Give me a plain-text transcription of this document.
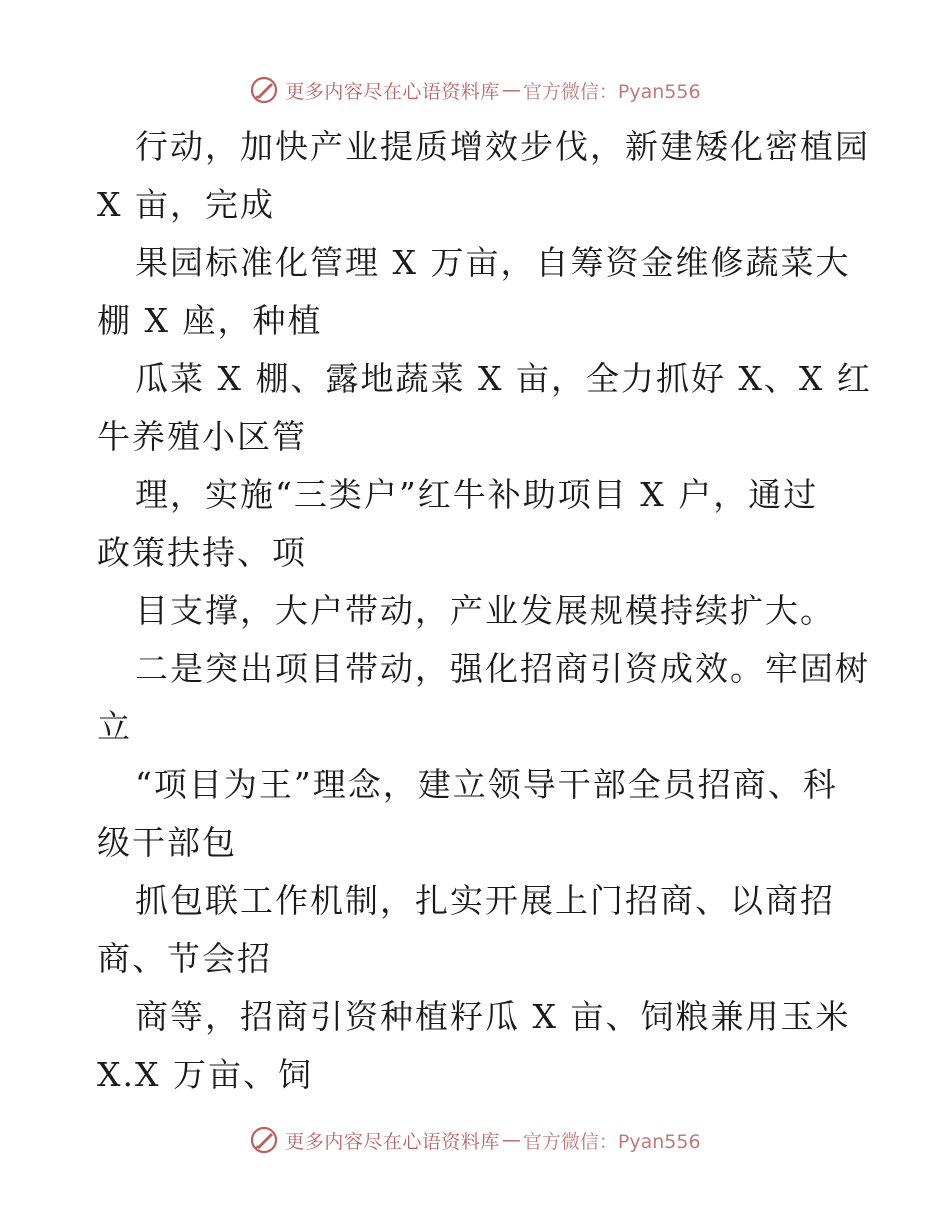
更多内容尽在心语资料库 — 官方微信：Pyan556
行动，加快产业提质增效步伐，新建矮化密植园
X 亩，完成
果园标准化管理 X 万亩，自筹资金维修蔬菜大
棚 X 座，种植
瓜菜 X 棚、露地蔬菜 X 亩，全力抓好 X、X 红
牛养殖小区管
理，实施“三类户”红牛补助项目 X 户，通过
政策扶持、项
目支撑，大户带动，产业发展规模持续扩大。
二是突出项目带动，强化招商引资成效。牢固树
立
“项目为王”理念，建立领导干部全员招商、科
级干部包
抓包联工作机制，扎实开展上门招商、以商招
商、节会招
商等，招商引资种植籽瓜 X 亩、饲粮兼用玉米
X.X 万亩、饲
更多内容尽在心语资料库 — 官方微信：Pyan556
